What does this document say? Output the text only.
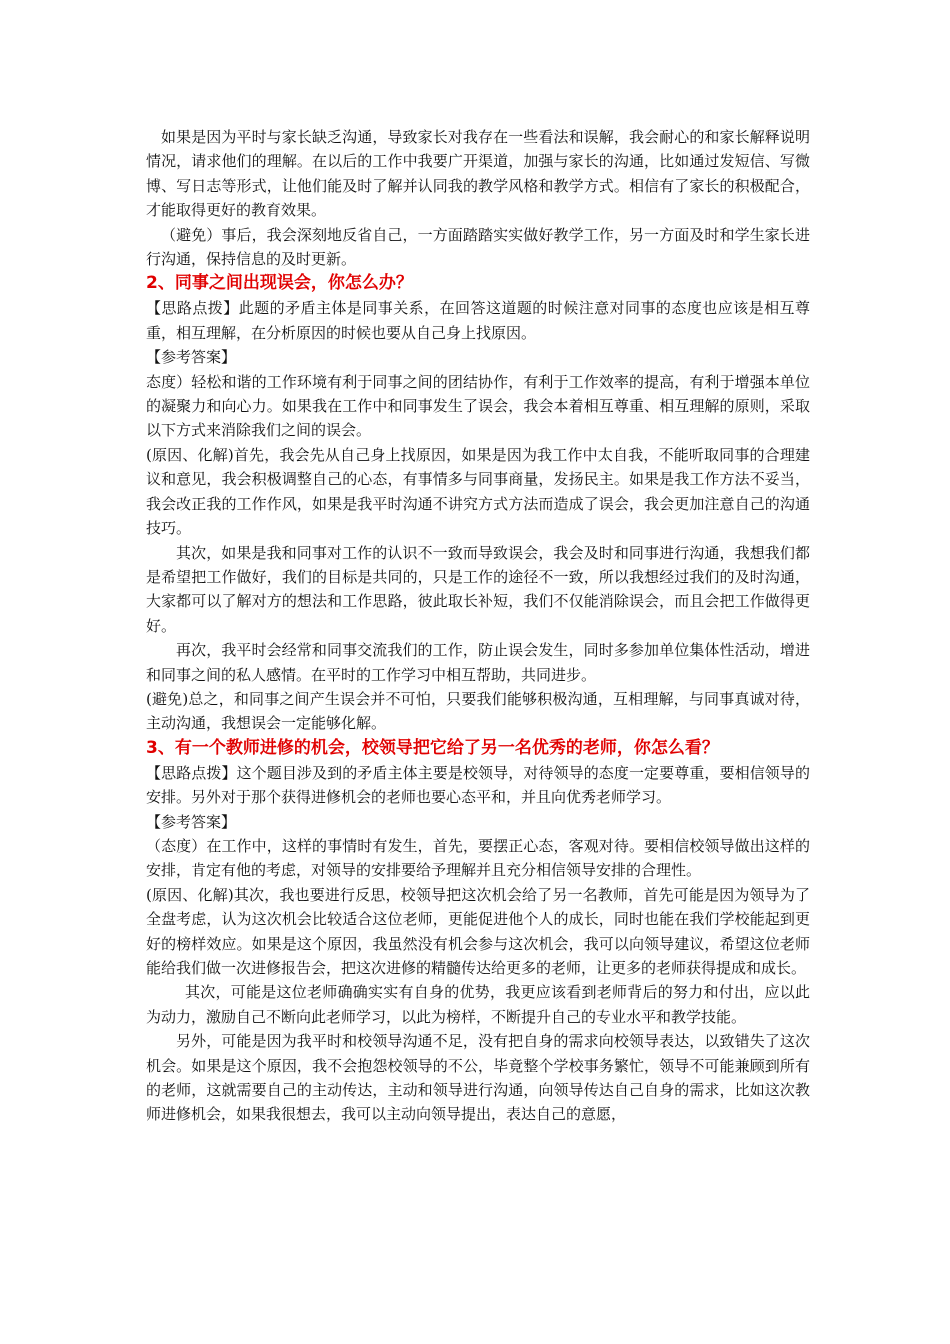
如果是因为平时与家长缺乏沟通，导致家长对我存在一些看法和误解，我会耐心的和家长解释说明情况，请求他们的理解。在以后的工作中我要广开渠道，加强与家长的沟通，比如通过发短信、写微博、写日志等形式，让他们能及时了解并认同我的教学风格和教学方式。相信有了家长的积极配合，才能取得更好的教育效果。

（避免）事后，我会深刻地反省自己，一方面踏踏实实做好教学工作，另一方面及时和学生家长进行沟通，保持信息的及时更新。

2、同事之间出现误会，你怎么办？

【思路点拨】此题的矛盾主体是同事关系，在回答这道题的时候注意对同事的态度也应该是相互尊重，相互理解，在分析原因的时候也要从自己身上找原因。

【参考答案】

态度）轻松和谐的工作环境有利于同事之间的团结协作，有利于工作效率的提高，有利于增强本单位的凝聚力和向心力。如果我在工作中和同事发生了误会，我会本着相互尊重、相互理解的原则，采取以下方式来消除我们之间的误会。

(原因、化解)首先，我会先从自己身上找原因，如果是因为我工作中太自我，不能听取同事的合理建议和意见，我会积极调整自己的心态，有事情多与同事商量，发扬民主。如果是我工作方法不妥当，我会改正我的工作作风，如果是我平时沟通不讲究方式方法而造成了误会，我会更加注意自己的沟通技巧。

其次，如果是我和同事对工作的认识不一致而导致误会，我会及时和同事进行沟通，我想我们都是希望把工作做好，我们的目标是共同的，只是工作的途径不一致，所以我想经过我们的及时沟通，大家都可以了解对方的想法和工作思路，彼此取长补短，我们不仅能消除误会，而且会把工作做得更好。

再次，我平时会经常和同事交流我们的工作，防止误会发生，同时多参加单位集体性活动，增进和同事之间的私人感情。在平时的工作学习中相互帮助，共同进步。

(避免)总之，和同事之间产生误会并不可怕，只要我们能够积极沟通，互相理解，与同事真诚对待，主动沟通，我想误会一定能够化解。

3、有一个教师进修的机会，校领导把它给了另一名优秀的老师，你怎么看？

【思路点拨】这个题目涉及到的矛盾主体主要是校领导，对待领导的态度一定要尊重，要相信领导的安排。另外对于那个获得进修机会的老师也要心态平和，并且向优秀老师学习。

【参考答案】

（态度）在工作中，这样的事情时有发生，首先，要摆正心态，客观对待。要相信校领导做出这样的安排，肯定有他的考虑，对领导的安排要给予理解并且充分相信领导安排的合理性。

(原因、化解)其次，我也要进行反思，校领导把这次机会给了另一名教师，首先可能是因为领导为了全盘考虑，认为这次机会比较适合这位老师，更能促进他个人的成长，同时也能在我们学校能起到更好的榜样效应。如果是这个原因，我虽然没有机会参与这次机会，我可以向领导建议，希望这位老师能给我们做一次进修报告会，把这次进修的精髓传达给更多的老师，让更多的老师获得提成和成长。

其次，可能是这位老师确确实实有自身的优势，我更应该看到老师背后的努力和付出，应以此为动力，激励自己不断向此老师学习，以此为榜样，不断提升自己的专业水平和教学技能。

另外，可能是因为我平时和校领导沟通不足，没有把自身的需求向校领导表达，以致错失了这次机会。如果是这个原因，我不会抱怨校领导的不公，毕竟整个学校事务繁忙，领导不可能兼顾到所有的老师，这就需要自己的主动传达，主动和领导进行沟通，向领导传达自己自身的需求，比如这次教师进修机会，如果我很想去，我可以主动向领导提出，表达自己的意愿，
